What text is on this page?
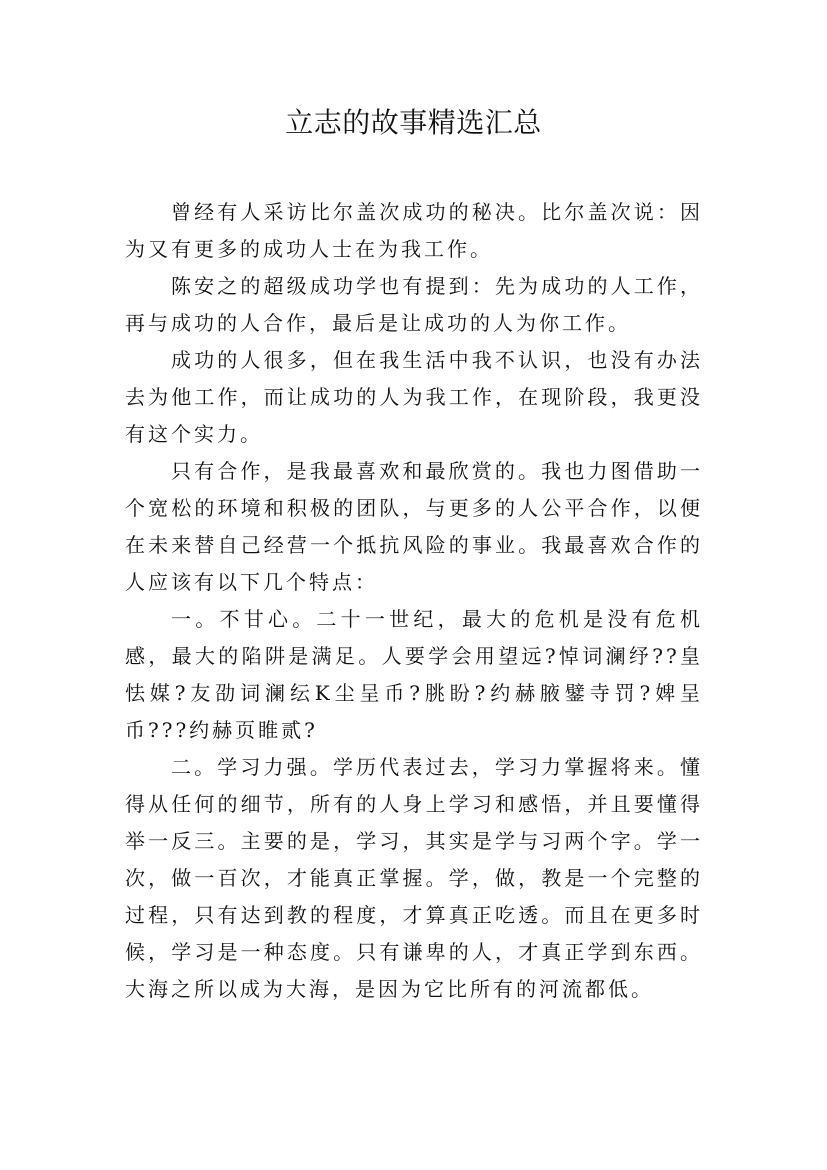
立志的故事精选汇总

曾经有人采访比尔盖次成功的秘决。比尔盖次说：因为又有更多的成功人士在为我工作。

陈安之的超级成功学也有提到：先为成功的人工作，再与成功的人合作，最后是让成功的人为你工作。

成功的人很多，但在我生活中我不认识，也没有办法去为他工作，而让成功的人为我工作，在现阶段，我更没有这个实力。

只有合作，是我最喜欢和最欣赏的。我也力图借助一个宽松的环境和积极的团队，与更多的人公平合作，以便在未来替自己经营一个抵抗风险的事业。我最喜欢合作的人应该有以下几个特点：

一。不甘心。二十一世纪，最大的危机是没有危机感，最大的陷阱是满足。人要学会用望远?悼词澜纾??皇怯媒?友劭词澜纭K尘呈币?朓盼?约赫腋鐾寺罚?婢呈币???约赫页睢贰?

二。学习力强。学历代表过去，学习力掌握将来。懂得从任何的细节，所有的人身上学习和感悟，并且要懂得举一反三。主要的是，学习，其实是学与习两个字。学一次，做一百次，才能真正掌握。学，做，教是一个完整的过程，只有达到教的程度，才算真正吃透。而且在更多时候，学习是一种态度。只有谦卑的人，才真正学到东西。大海之所以成为大海，是因为它比所有的河流都低。
